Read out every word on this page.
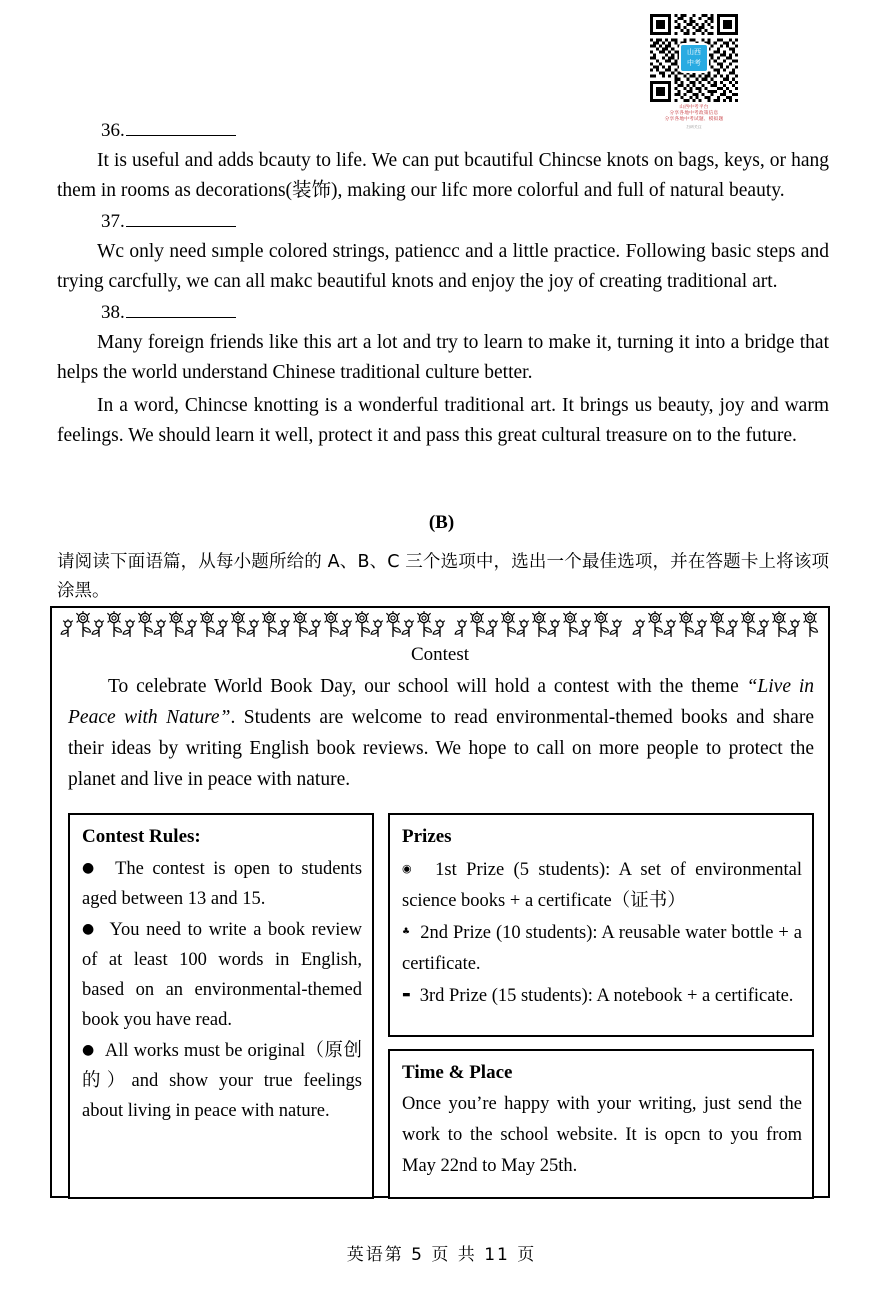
山西
中考
山西中考平台
分享各地中考政策信息
分享各地中考试题、模拟题
扫码关注

36.

It is useful and adds bcauty to life. We can put bcautiful Chincse knots on bags, keys, or hang them in rooms as decorations(装饰), making our lifc more colorful and full of natural beauty.

37.

Wc only need sımple colored strings, patiencc and a little practice. Following basic steps and trying carcfully, we can all makc beautiful knots and enjoy the joy of creating traditional art.

38.

Many foreign friends like this art a lot and try to learn to make it, turning it into a bridge that helps the world understand Chinese traditional culture better.

In a word, Chincse knotting is a wonderful traditional art. It brings us beauty, joy and warm feelings. We should learn it well, protect it and pass this great cultural treasure on to the future.

(B)
请阅读下面语篇，从每小题所给的 A、B、C 三个选项中，选出一个最佳选项，并在答题卡上将该项涂黑。
Contest

To celebrate World Book Day, our school will hold a contest with the theme “Live in Peace with Nature”. Students are welcome to read environmental-themed books and share their ideas by writing English book reviews. We hope to call on more people to protect the planet and live in peace with nature.

Contest Rules:

● The contest is open to students aged between 13 and 15.

● You need to write a book review of at least 100 words in English, based on an environmental-themed book you have read.

● All works must be original（原创的）and show your true feelings about living in peace with nature.

Prizes

◉ 1st Prize (5 students): A set of environmental science books + a certificate（证书）

♣ 2nd Prize (10 students): A reusable water bottle + a certificate.

▬ 3rd Prize (15 students): A notebook + a certificate.

Time & Place

Once you’re happy with your writing, just send the work to the school website. It is opcn to you from May 22nd to May 25th.

英语第 5 页 共 11 页
